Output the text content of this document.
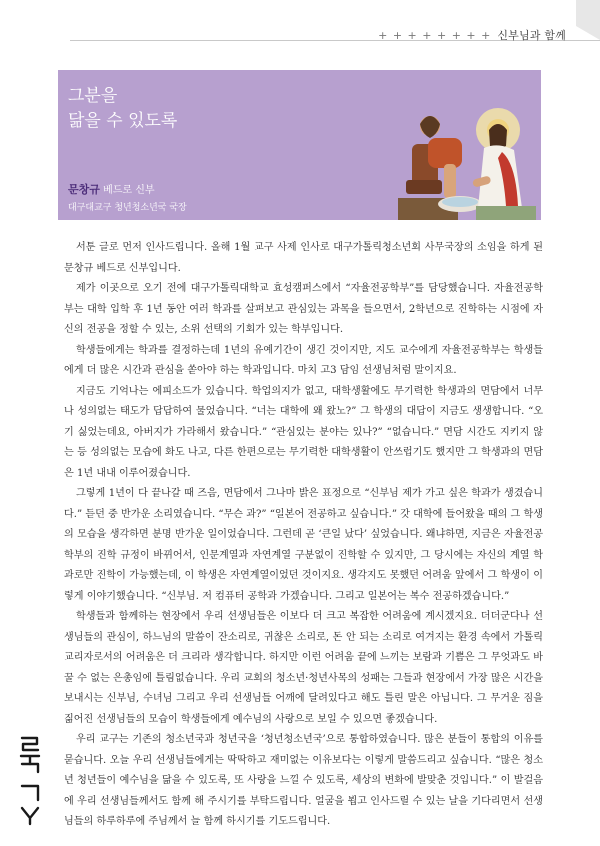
+ + + + + + + + 신부님과 함께
그분을
닮을 수 있도록
문창규 베드로 신부
대구대교구 청년청소년국 국장

서툰 글로 먼저 인사드립니다. 올해 1월 교구 사제 인사로 대구가톨릭청소년회 사무국장의 소임을 하게 된 문창규 베드로 신부입니다.

제가 이곳으로 오기 전에 대구가톨릭대학교 효성캠퍼스에서 “자율전공학부”를 담당했습니다. 자율전공학부는 대학 입학 후 1년 동안 여러 학과를 살펴보고 관심있는 과목을 들으면서, 2학년으로 진학하는 시점에 자신의 전공을 정할 수 있는, 소위 선택의 기회가 있는 학부입니다.

학생들에게는 학과를 결정하는데 1년의 유예기간이 생긴 것이지만, 지도 교수에게 자율전공학부는 학생들에게 더 많은 시간과 관심을 쏟아야 하는 학과입니다. 마치 고3 담임 선생님처럼 말이지요.

지금도 기억나는 에피소드가 있습니다. 학업의지가 없고, 대학생활에도 무기력한 학생과의 면담에서 너무나 성의없는 태도가 답답하여 물었습니다. “너는 대학에 왜 왔노?” 그 학생의 대답이 지금도 생생합니다. “오기 싫었는데요, 아버지가 가라해서 왔습니다.” “관심있는 분야는 있나?” “없습니다.” 면담 시간도 지키지 않는 등 성의없는 모습에 화도 나고, 다른 한편으로는 무기력한 대학생활이 안쓰럽기도 했지만 그 학생과의 면담은 1년 내내 이루어졌습니다.

그렇게 1년이 다 끝나갈 때 즈음, 면담에서 그나마 밝은 표정으로 “신부님 제가 가고 싶은 학과가 생겼습니다.” 듣던 중 반가운 소리였습니다. “무슨 과?” “일본어 전공하고 싶습니다.” 갓 대학에 들어왔을 때의 그 학생의 모습을 생각하면 분명 반가운 일이었습니다. 그런데 곧 ‘큰일 났다’ 싶었습니다. 왜냐하면, 지금은 자율전공학부의 진학 규정이 바뀌어서, 인문계열과 자연계열 구분없이 진학할 수 있지만, 그 당시에는 자신의 계열 학과로만 진학이 가능했는데, 이 학생은 자연계열이었던 것이지요. 생각지도 못했던 어려움 앞에서 그 학생이 이렇게 이야기했습니다. “신부님. 저 컴퓨터 공학과 가겠습니다. 그리고 일본어는 복수 전공하겠습니다.”

학생들과 함께하는 현장에서 우리 선생님들은 이보다 더 크고 복잡한 어려움에 계시겠지요. 더더군다나 선생님들의 관심이, 하느님의 말씀이 잔소리로, 귀찮은 소리로, 돈 안 되는 소리로 여겨지는 환경 속에서 가톨릭 교리자로서의 어려움은 더 크리라 생각합니다. 하지만 이런 어려움 끝에 느끼는 보람과 기쁨은 그 무엇과도 바꿀 수 없는 은총임에 틀림없습니다. 우리 교회의 청소년·청년사목의 성패는 그들과 현장에서 가장 많은 시간을 보내시는 신부님, 수녀님 그리고 우리 선생님들 어깨에 달려있다고 해도 틀린 말은 아닙니다. 그 무거운 짐을 짊어진 선생님들의 모습이 학생들에게 예수님의 사랑으로 보일 수 있으면 좋겠습니다.

우리 교구는 기존의 청소년국과 청년국을 ‘청년청소년국’으로 통합하였습니다. 많은 분들이 통합의 이유를 묻습니다. 오늘 우리 선생님들에게는 딱딱하고 재미없는 이유보다는 이렇게 말씀드리고 싶습니다. “많은 청소년 청년들이 예수님을 닮을 수 있도록, 또 사랑을 느낄 수 있도록, 세상의 변화에 발맞춘 것입니다.” 이 발걸음에 우리 선생님들께서도 함께 해 주시기를 부탁드립니다. 얼굴을 뵙고 인사드릴 수 있는 날을 기다리면서 선생님들의 하루하루에 주님께서 늘 함께 하시기를 기도드립니다.
